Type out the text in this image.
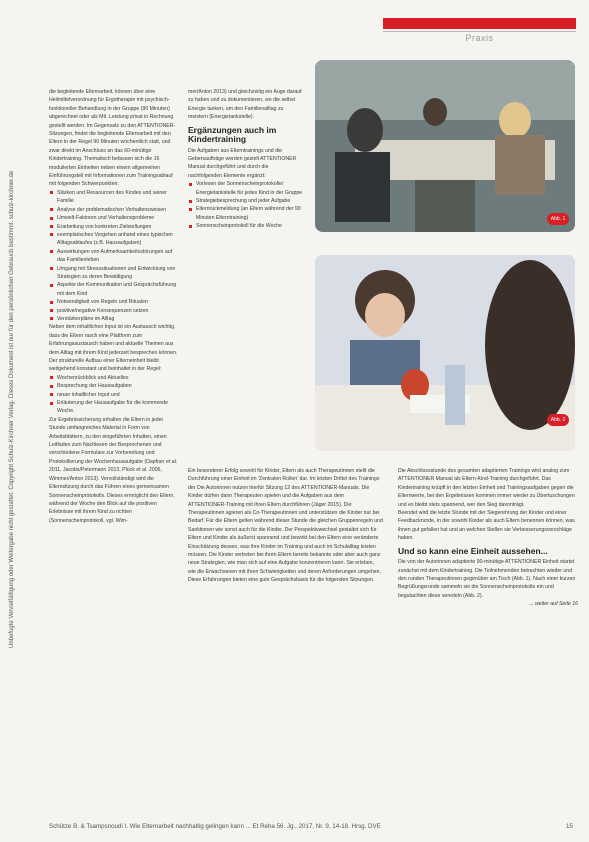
Praxis
Unbefugte Vervielfältigung oder Weitergabe nicht gestattet. Copyright Schulz-Kirchner Verlag. Dieses Dokument ist nur für den persönlichen Gebrauch bestimmt. schulz-kirchner.de

die begleitende Elternarbeit, können über eine Heilmittelverordnung für Ergotherapie mit psychisch-funktioneller Behandlung in der Gruppe (90 Minuten) abgerechnet oder als Mtl. Leistung privat in Rechnung gestellt werden. Im Gegensatz zu den ATTENTIONER-Sitzungen, findet die begleitende Elternarbeit mit den Eltern in der Regel 90 Minuten wöchentlich statt, und zwar direkt im Anschluss an das 60-minütige Kindertraining. Thematisch befassen sich die 16 modulierten Einheiten neben einem allgemeinen Einführungsteil mit Informationen zum Trainingsablauf mit folgenden Schwerpunkten:

Stärken und Ressourcen des Kindes und seiner Familie
Analyse der problematischen Verhaltensweisen
Umwelt-Faktoren und Verhaltensprobleme
Erarbeitung von konkreten Zielstellungen
exemplarisches Vorgehen anhand eines typischen Alltagsablaufes (z.B. Hausaufgaben)
Auswirkungen von Aufmerksamkeitsstörungen auf das Familienleben
Umgang mit Stresssituationen und Entwicklung von Strategien zu deren Bewältigung
Aspekte der Kommunikation und Gesprächsführung mit dem Kind
Notwendigkeit von Regeln und Ritualen
positive/negative Konsequenzen setzen
Verstärkerpläne im Alltag

Neben dem inhaltlichen Input ist ein Austausch wichtig, dass die Eltern rasch eine Plattform zum Erfahrungsaustausch haben und aktuelle Themen aus dem Alltag mit ihrem Kind jederzeit besprechen können. Der strukturelle Aufbau einer Elterneinheit bleibt weitgehend konstant und beinhaltet in der Regel:

Wochenrückblick und Aktuelles
Besprechung der Hausaufgaben
neuer inhaltlicher Input und
Erläuterung der Hausaufgabe für die kommende Woche.

Zur Ergebnissicherung erhalten die Eltern in jeder Stunde umfangreiches Material in Form von Arbeitsblättern, zu den eingeführten Inhalten, einen Leitfaden zum Nachlesen der Besprochenen und verschiedene Formulare zur Vorbereitung und Protokollierung der Wochenhausaufgabe (Dapfner et al. 2011, Jacobs/Petermann 2013, Plück et al. 2006, Wimmer/Anton 2013). Vervollständigt wird die Elternsitzung durch das Führen eines gemeinsamen Sonnenscheinprotokolls. Dieses ermöglicht den Eltern, während der Woche den Blick auf die positiven Erlebnisse mit ihrem Kind zu richten (Sonnenscheinprotokoll, vgl. Wim-

mer/Anton 2013) und gleichzeitig ein Auge darauf zu haben und zu dokumentieren, wo die selbst Energie tanken, um den Familienalltag zu meistern (Energietankstelle).

Ergänzungen auch im Kindertraining

Die Aufgaben aus Elterntrainings und die Gebersaufträge werden gezielt ATTENTIONER Manual durchgeführt und durch die nachfolgenden Elemente ergänzt:

Vorlesen der Sonnenscheinprotokolle/ Energietankstelle für jedes Kind in der Gruppe
Strategiebesprechung und jeder Aufgabe
Elternrückmeldung (an Eltern während der 90 Minuten Elterntraining)
Sonnenscheinprotokoll für die Woche
Abb. 1
Abb. 2

Ein besonderer Erfolg sowohl für Kinder, Eltern als auch Therapeutinnen stellt die Durchführung einer Einheit im 'Zentralen Rollen' dar. Im letzten Drittel des Trainings der Die Autorinnen nutzen hierfür Sitzung 12 des ATTENTIONER-Manuals. Die Kinder dürfen dann Therapeuten spielen und die Aufgaben aus dem ATTENTIONER-Training mit ihren Eltern durchführen (Jäger 2015). Die Therapeutinnen agieren als Co-Therapeutinnen und unterstützen die Kinder nur bei Bedarf. Für die Eltern gelten während dieser Stunde die gleichen Gruppenregeln und Sanktionen wie sonst auch für die Kinder. Der Perspektivwechsel gestaltet sich für Eltern und Kinder als äußerst spannend und bewirkt bei den Eltern eine veränderte Einschätzung dessen, was ihre Kinder im Training und auch im Schulalltag leisten müssen. Die Kinder vertreten bei ihren Eltern bereits bekannte oder aber auch ganz neue Strategien, wie man sich auf eine Aufgabe konzentrieren kann. Sie erleben, wie die Erwachsenen mit ihren Schwierigkeiten und deren Anforderungen umgehen. Diese Erfahrungen bieten eine gute Gesprächsbasis für die folgenden Sitzungen.

Die Abschlussstunde des gesamten adaptierten Trainings wird analog zum ATTENTIONER Manual als Eltern-Kind-Training durchgeführt. Das Kindertraining knüpft in den letzten Einheit und Trainingsaufgaben gegen die Elternwerte, bei den Ergebnissen kommen immer wieder zu Übertuschungen und es bleibt stets spannend, wer den Sieg davonträgt.

Beendet wird die letzte Stunde mit der Siegerehrung der Kinder und einer Feedbackrunde, in der sowohl Kinder als auch Eltern benennen können, was ihnen gut gefallen hat und an welchen Stellen sie Verbesserungsvorschläge haben.

Und so kann eine Einheit aussehen...

Die von der Autorinnen adaptierte 90-minütige ATTENTIONER Einheit startet zunächst mit dem Kindertraining. Die Teilnehmenden betrachten wieder und den runden Therapeutinnen gegenüber am Tisch (Abb. 1). Nach einer kurzen Begrüßungsrunde sammeln sie die Sonnenscheinprotokolle ein und begutachten diese veredeln (Abb. 2).

→ weiter auf Seite 16

Schütze B. & Tsampsnoudi I. Wie Elternarbeit nachhaltig gelingen kann ... Et Reha 56. Jg., 2017, Nr. 9, 14-18. Hrsg. DVE	15
